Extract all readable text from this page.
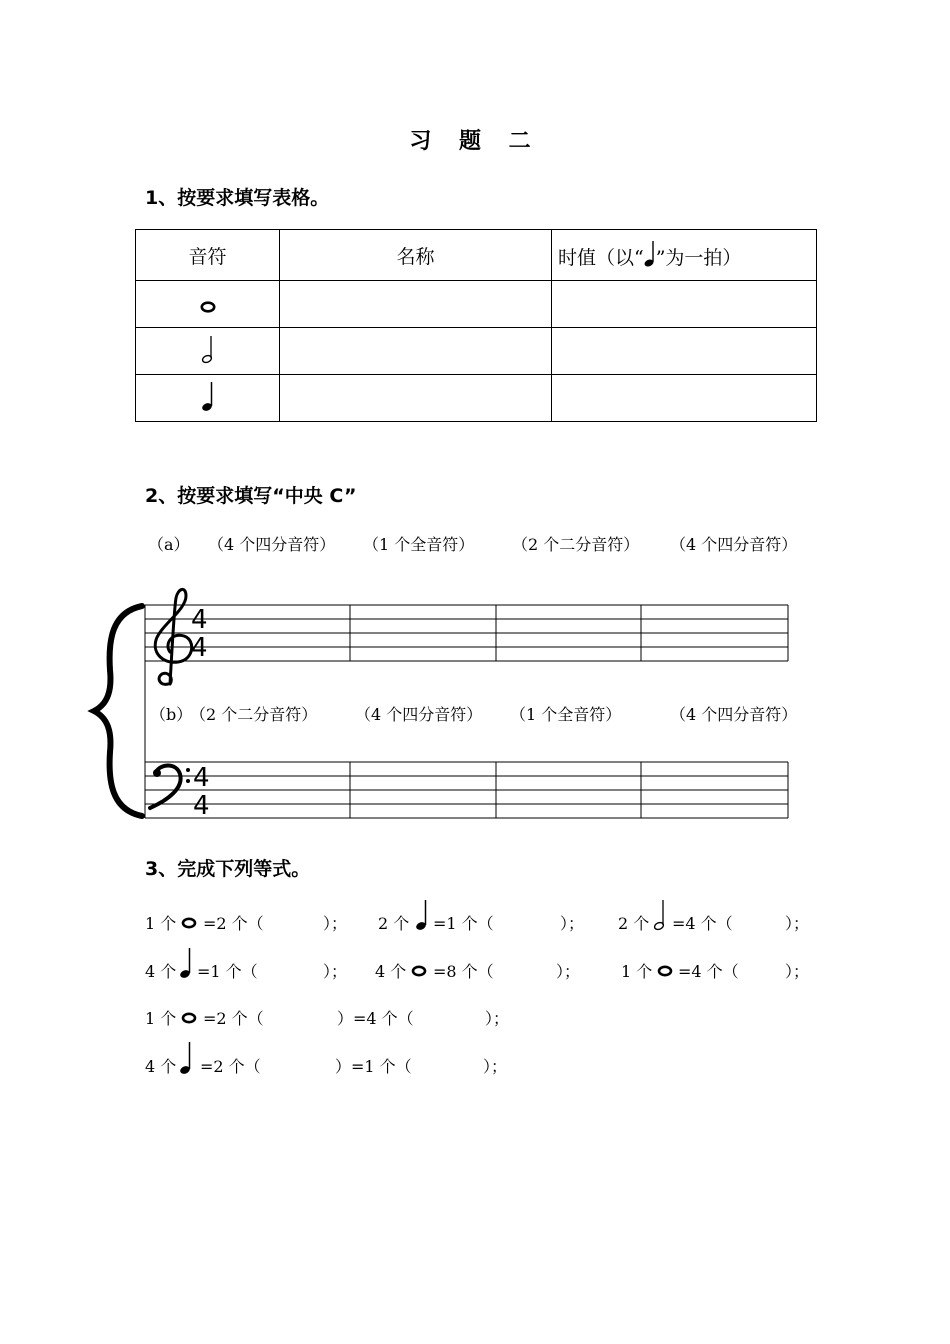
习 题 二
1、按要求填写表格。
音符	名称	时值（以“ ”为一拍）

2、按要求填写“中央 C”
（a） （4 个四分音符） （1 个全音符） （2 个二分音符） （4 个四分音符）
4
4
4
4
（b）
（2 个二分音符） （4 个四分音符） （1 个全音符）	（4 个四分音符）
3、完成下列等式。
1 个 =2 个（	）； 2 个 =1 个（	）； 2 个 =4 个（	）；
4 个 =1 个（	）； 4 个 =8 个（	）；	1 个 =4 个（	）；
1 个 =2 个（	）=4 个（	）；
4 个 =2 个（	）=1 个（	）；
